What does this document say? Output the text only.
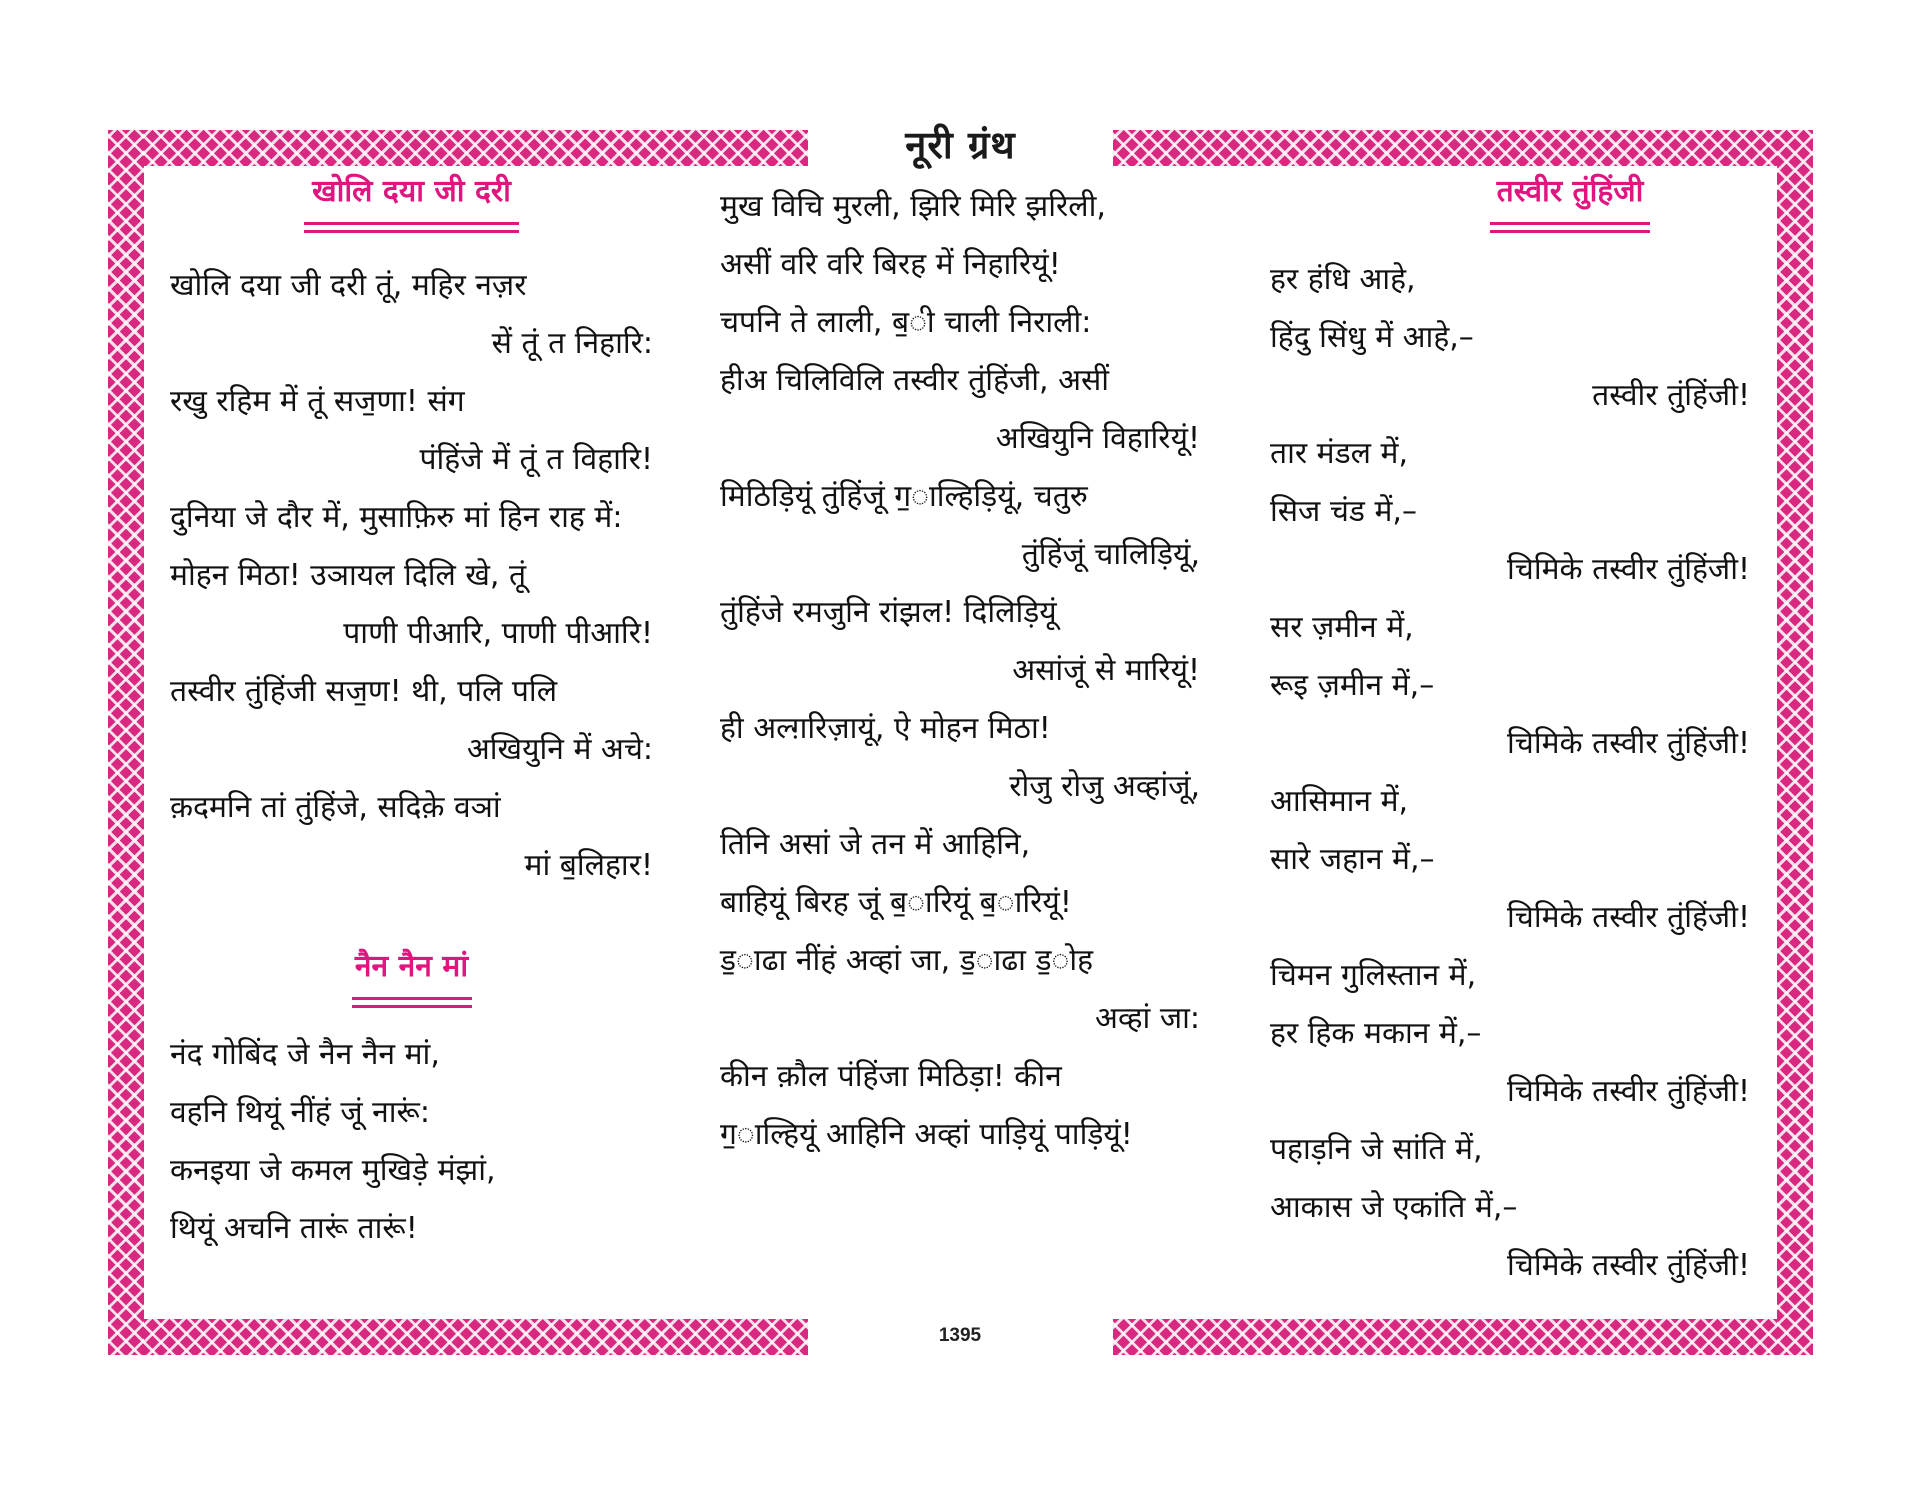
नूरी ग्रंथ
खोलि दया जी दरी
खोलि दया जी दरी तूं, महिर नज़र
सें तूं त निहारि:
रखु रहिम में तूं सज॒णा! संग
पंहिंजे में तूं त विहारि!
दुनिया जे दौर में, मुसाफ़िरु मां हिन राह में:
मोहन मिठा! उञायल दिलि खे, तूं
पाणी पीआरि, पाणी पीआरि!
तस्वीर तुंहिंजी सज॒ण! थी, पलि पलि
अखियुनि में अचे:
क़दमनि तां तुंहिंजे, सदिक़े वञां
मां ब॒लिहार!
नैन नैन मां
नंद गोबिंद जे नैन नैन मां,
वहनि थियूं नींहं जूं नारूं:
कनइया जे कमल मुखिड़े मंझां,
थियूं अचनि तारूं तारूं!
मुख विचि मुरली, झिरि मिरि झरिली,
असीं वरि वरि बिरह में निहारियूं!
चपनि ते लाली, ब॒ी चाली निराली:
हीअ चिलिविलि तस्वीर तुंहिंजी, असीं
अखियुनि विहारियूं!
मिठिड़ियूं तुंहिंजूं ग॒ाल्हिड़ियूं, चतुरु
तुंहिंजूं चालिड़ियूं,
तुंहिंजे रमजुनि रांझल! दिलिड़ियूं
असांजूं से मारियूं!
ही अल्ग़रिज़ायूं, ऐ मोहन मिठा!
रोजु रोजु अव्हांजूं,
तिनि असां जे तन में आहिनि,
बाहियूं बिरह जूं ब॒ारियूं ब॒ारियूं!
ड॒ाढा नींहं अव्हां जा, ड॒ाढा ड॒ोह
अव्हां जा:
कीन क़ौल पंहिंजा मिठिड़ा! कीन
ग॒ाल्हियूं आहिनि अव्हां पाड़ियूं पाड़ियूं!
तस्वीर तुंहिंजी
हर हंधि आहे,
हिंदु सिंधु में आहे,–
तस्वीर तुंहिंजी!
तार मंडल में,
सिज चंड में,–
चिमिके तस्वीर तुंहिंजी!
सर ज़मीन में,
रूइ ज़मीन में,–
चिमिके तस्वीर तुंहिंजी!
आसिमान में,
सारे जहान में,–
चिमिके तस्वीर तुंहिंजी!
चिमन गुलिस्तान में,
हर हिक मकान में,–
चिमिके तस्वीर तुंहिंजी!
पहाड़नि जे सांति में,
आकास जे एकांति में,–
चिमिके तस्वीर तुंहिंजी!
1395
